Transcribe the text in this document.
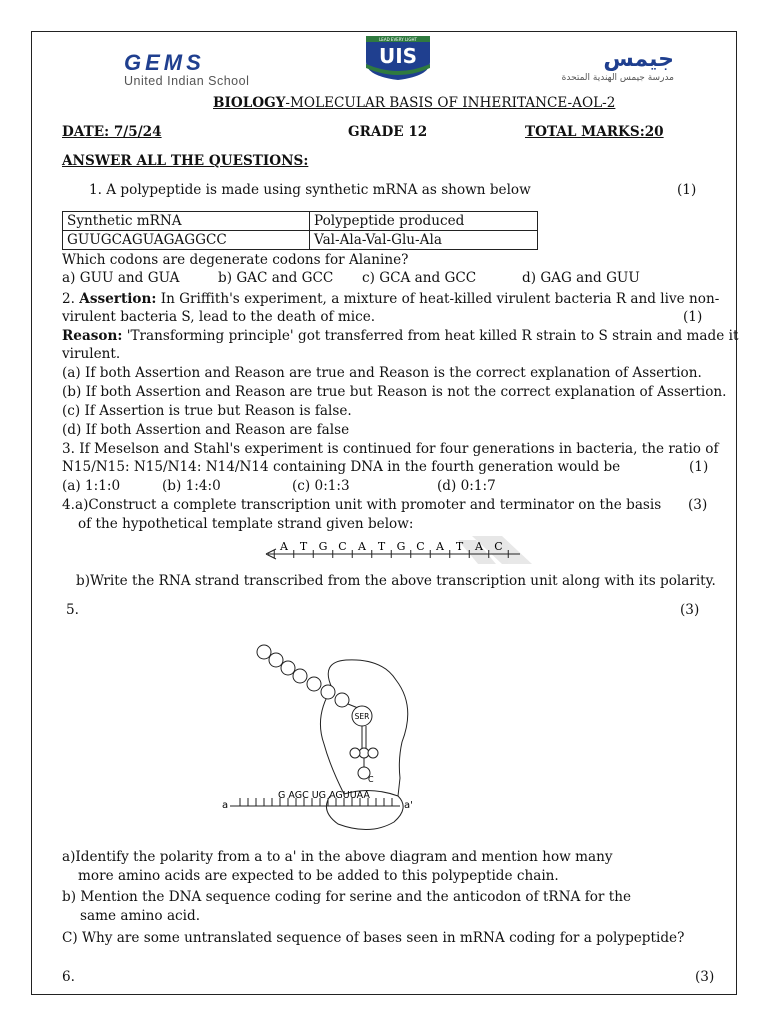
GEMS
United Indian School
LEAD EVERY LIGHT
UIS	جيمس
مدرسة جيمس الهندية المتحدة
BIOLOGY-MOLECULAR BASIS OF INHERITANCE-AOL-2
DATE: 7/5/24	GRADE 12	TOTAL MARKS:20
ANSWER ALL THE QUESTIONS:
1. A polypeptide is made using synthetic mRNA as shown below	(1)
Synthetic mRNA	Polypeptide produced
GUUGCAGUAGAGGCC	Val-Ala-Val-Glu-Ala
Which codons are degenerate codons for Alanine?
a) GUU and GUA	b) GAC and GCC c) GCA and GCC	d) GAG and GUU
2. Assertion: In Griffith's experiment, a mixture of heat-killed virulent bacteria R and live non-
virulent bacteria S, lead to the death of mice.	(1)
Reason: 'Transforming principle' got transferred from heat killed R strain to S strain and made it
virulent.
(a) If both Assertion and Reason are true and Reason is the correct explanation of Assertion.
(b) If both Assertion and Reason are true but Reason is not the correct explanation of Assertion.
(c) If Assertion is true but Reason is false.
(d) If both Assertion and Reason are false
3. If Meselson and Stahl's experiment is continued for four generations in bacteria, the ratio of
N15/N15: N15/N14: N14/N14 containing DNA in the fourth generation would be	(1)
(a) 1:1:0	(b) 1:4:0	(c) 0:1:3	(d) 0:1:7
4.a)Construct a complete transcription unit with promoter and terminator on the basis (3)
of the hypothetical template strand given below:
A T G C A T G C A T A C
b)Write the RNA strand transcribed from the above transcription unit along with its polarity.
5.	(3)
SER
C
G AGC UG AGUUAA
a	a'
a)Identify the polarity from a to a' in the above diagram and mention how many
more amino acids are expected to be added to this polypeptide chain.
b) Mention the DNA sequence coding for serine and the anticodon of tRNA for the
same amino acid.
C) Why are some untranslated sequence of bases seen in mRNA coding for a polypeptide?
6.	(3)
